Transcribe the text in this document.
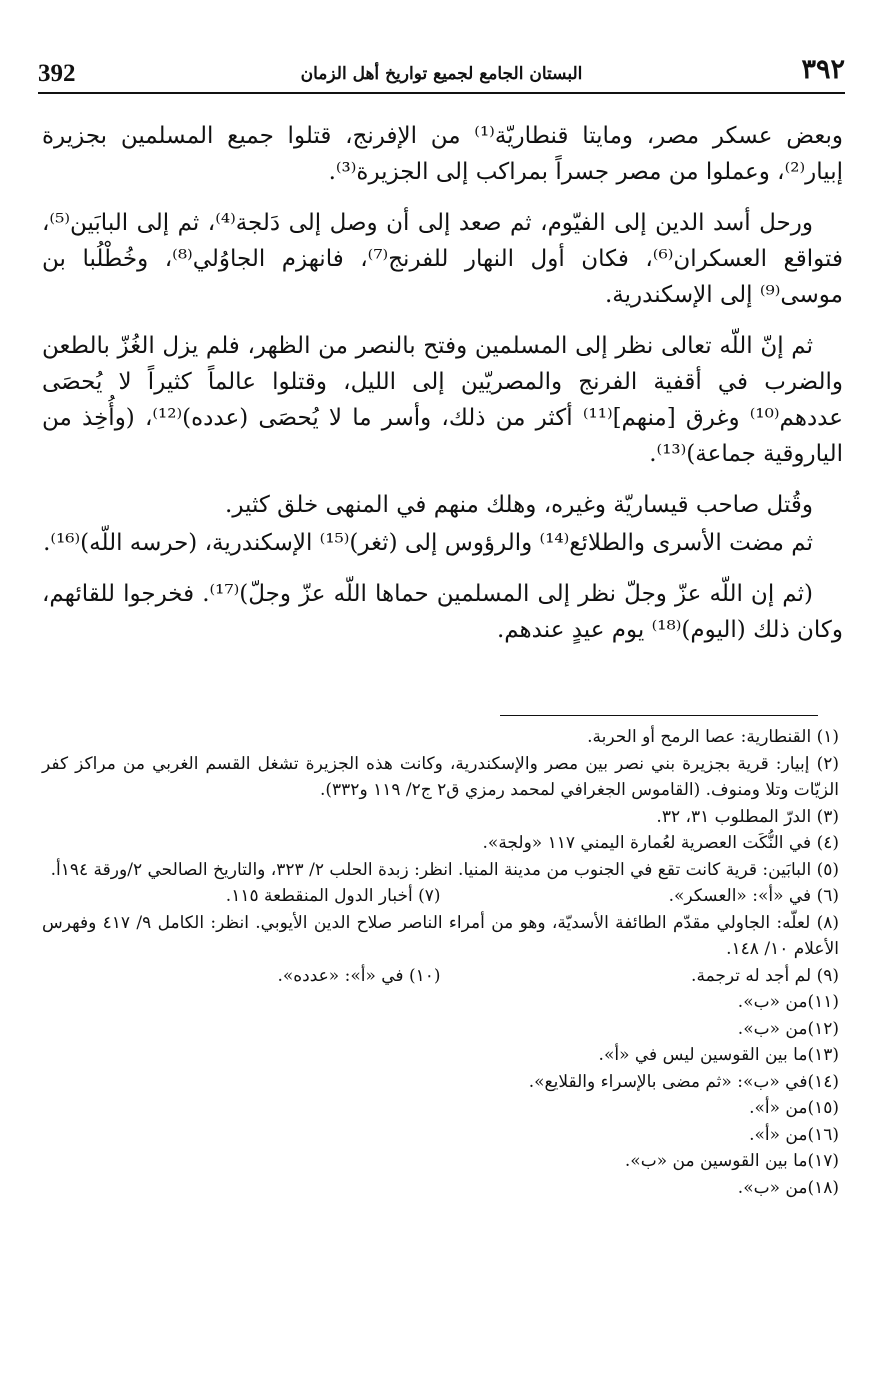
392	البستان الجامع لجميع تواريخ أهل الزمان	٣٩٢

وبعض عسكر مصر، ومايتا قنطاريّة⁽¹⁾ من الإفرنج، قتلوا جميع المسلمين بجزيرة إبيار⁽²⁾، وعملوا من مصر جسراً بمراكب إلى الجزيرة⁽³⁾.

ورحل أسد الدين إلى الفيّوم، ثم صعد إلى أن وصل إلى دَلجة⁽⁴⁾، ثم إلى البابَين⁽⁵⁾، فتواقع العسكران⁽⁶⁾، فكان أول النهار للفرنج⁽⁷⁾، فانهزم الجاوُلي⁽⁸⁾، وخُطْلُبا بن موسى⁽⁹⁾ إلى الإسكندرية.

ثم إنّ اللّه تعالى نظر إلى المسلمين وفتح بالنصر من الظهر، فلم يزل الغُزّ بالطعن والضرب في أقفية الفرنج والمصريّين إلى الليل، وقتلوا عالماً كثيراً لا يُحصَى عددهم⁽¹⁰⁾ وغرق [منهم]⁽¹¹⁾ أكثر من ذلك، وأسر ما لا يُحصَى (عدده)⁽¹²⁾، (وأُخِذ من الياروقية جماعة)⁽¹³⁾.

وقُتل صاحب قيساريّة وغيره، وهلك منهم في المنهى خلق كثير.

ثم مضت الأسرى والطلائع⁽¹⁴⁾ والرؤوس إلى (ثغر)⁽¹⁵⁾ الإسكندرية، (حرسه اللّه)⁽¹⁶⁾.

(ثم إن اللّه عزّ وجلّ نظر إلى المسلمين حماها اللّه عزّ وجلّ)⁽¹⁷⁾. فخرجوا للقائهم، وكان ذلك (اليوم)⁽¹⁸⁾ يوم عيدٍ عندهم.

(١) القنطارية: عصا الرمح أو الحربة.

(٢) إبيار: قرية بجزيرة بني نصر بين مصر والإسكندرية، وكانت هذه الجزيرة تشغل القسم الغربي من مراكز كفر الزيّات وتلا ومنوف. (القاموس الجغرافي لمحمد رمزي ق٢ ج٢/ ١١٩ و٣٣٢).

(٣) الدرّ المطلوب ٣١، ٣٢.

(٤) في النُّكَت العصرية لعُمارة اليمني ١١٧ «ولجة».

(٥) البابَين: قرية كانت تقع في الجنوب من مدينة المنيا. انظر: زبدة الحلب ٢/ ٣٢٣، والتاريخ الصالحي ٢/ورقة ١٩٤أ.

(٦) في «أ»: «العسكر».
(٧) أخبار الدول المنقطعة ١١٥.

(٨) لعلّه: الجاولي مقدّم الطائفة الأسديّة، وهو من أمراء الناصر صلاح الدين الأيوبي. انظر: الكامل ٩/ ٤١٧ وفهرس الأعلام ١٠/ ١٤٨.

(٩) لم أجد له ترجمة.
(١٠) في «أ»: «عدده».

(١١)من «ب».

(١٢)من «ب».

(١٣)ما بين القوسين ليس في «أ».

(١٤)في «ب»: «ثم مضى بالإسراء والقلايع».

(١٥)من «أ».

(١٦)من «أ».

(١٧)ما بين القوسين من «ب».

(١٨)من «ب».
